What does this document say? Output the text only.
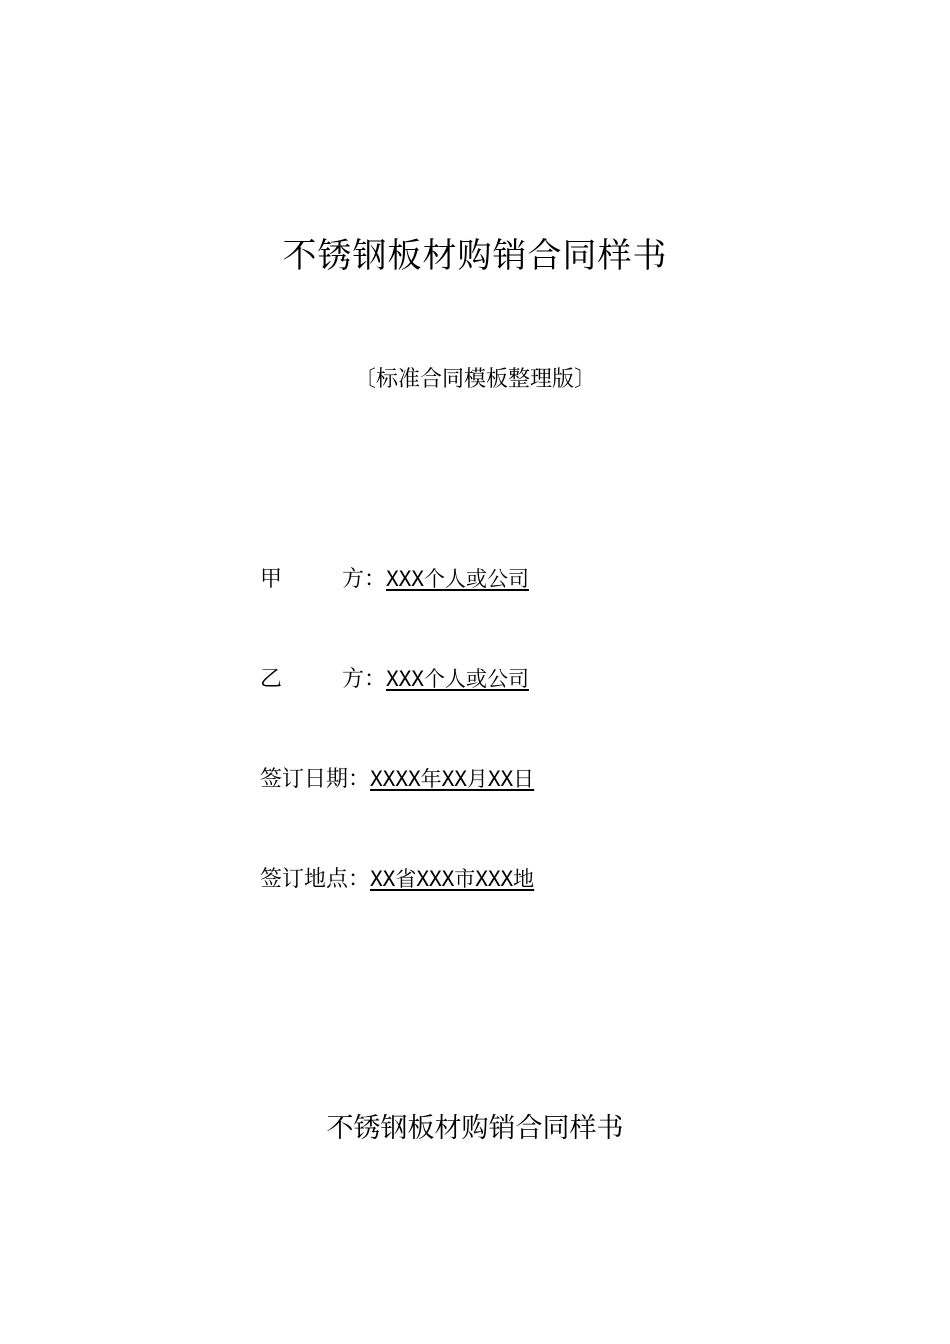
不锈钢板材购销合同样书
〔标准合同模板整理版〕
甲	方 ： XXX个人或公司
乙	方 ： XXX个人或公司
签订日期 ： XXXX年XX月XX日
签订地点 ： XX省XXX市XXX地
不锈钢板材购销合同样书
